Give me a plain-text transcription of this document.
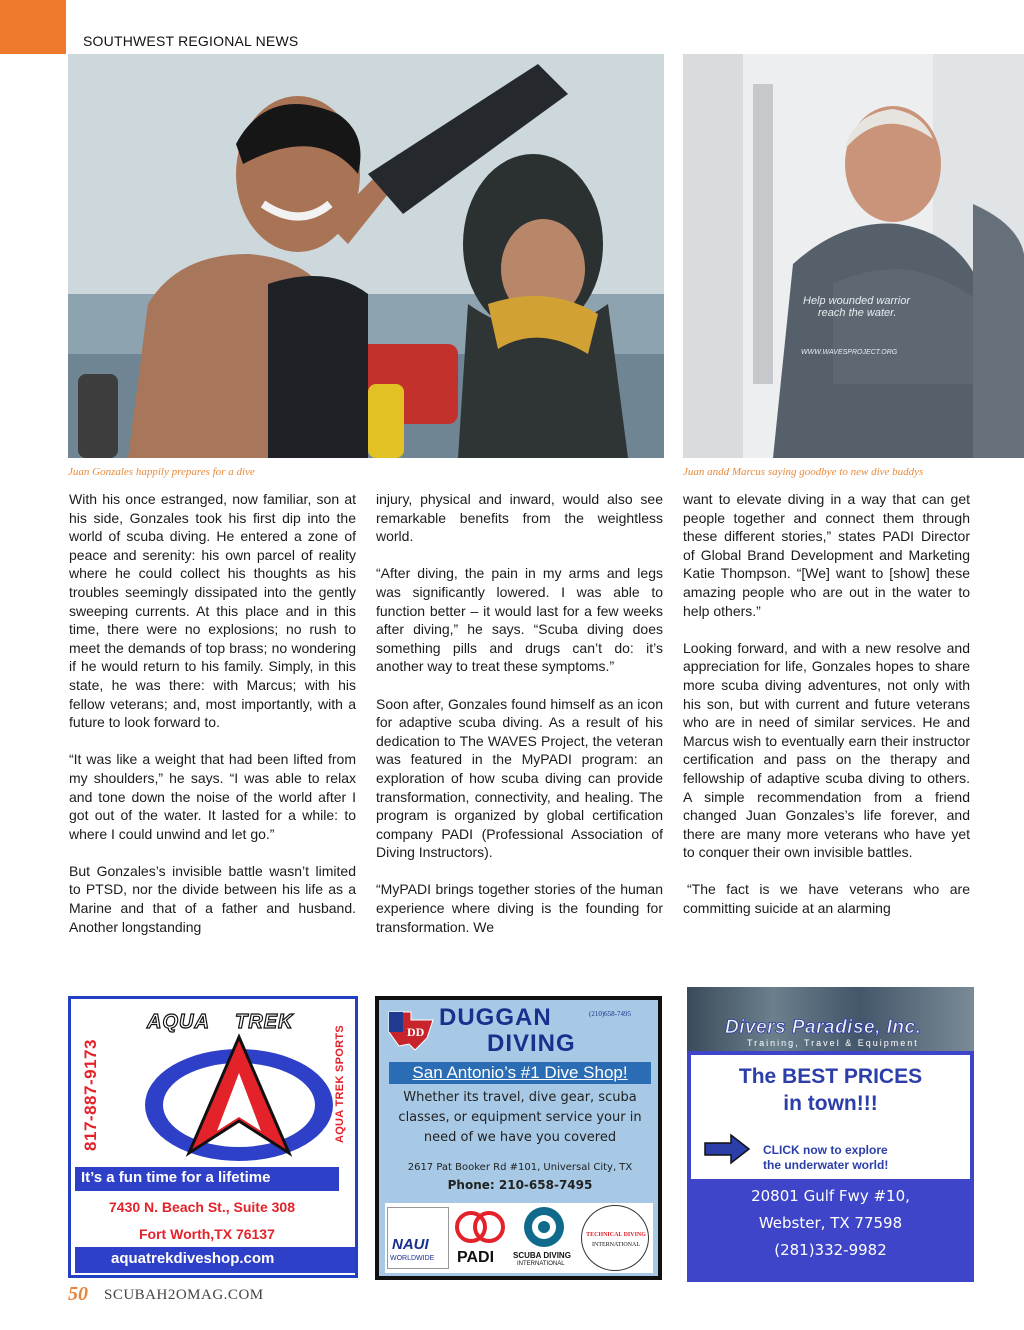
SOUTHWEST REGIONAL NEWS
Help wounded warrior
reach the water.
WWW.WAVESPROJECT.ORG
Juan Gonzales happily prepares for a dive	Juan andd Marcus saying goodbye to new dive buddys

With his once estranged, now familiar, son at his side, Gonzales took his first dip into the world of scuba diving. He entered a zone of peace and serenity: his own parcel of reality where he could collect his thoughts as his troubles seemingly dissipated into the gently sweeping currents. At this place and in this time, there were no explosions; no rush to meet the demands of top brass; no wondering if he would return to his family. Simply, in this state, he was there: with Marcus; with his fellow veterans; and, most importantly, with a future to look forward to.

“It was like a weight that had been lifted from my shoulders,” he says. “I was able to relax and tone down the noise of the world after I got out of the water. It lasted for a while: to where I could unwind and let go.”

But Gonzales’s invisible battle wasn’t limited to PTSD, nor the divide between his life as a Marine and that of a father and husband. Another longstanding

injury, physical and inward, would also see remarkable benefits from the weightless world.

“After diving, the pain in my arms and legs was significantly lowered. I was able to function better – it would last for a few weeks after diving,” he says. “Scuba diving does something pills and drugs can’t do: it’s another way to treat these symptoms.”

Soon after, Gonzales found himself as an icon for adaptive scuba diving. As a result of his dedication to The WAVES Project, the veteran was featured in the MyPADI program: an exploration of how scuba diving can provide transformation, connectivity, and healing. The program is organized by global certification company PADI (Professional Association of Diving Instructors).

“MyPADI brings together stories of the human experience where diving is the founding for transformation. We

want to elevate diving in a way that can get people together and connect them through these different stories,” states PADI Director of Global Brand Development and Marketing Katie Thompson. “[We] want to [show] these amazing people who are out in the water to help others.”

Looking forward, and with a new resolve and appreciation for life, Gonzales hopes to share more scuba diving adventures, not only with his son, but with current and future veterans who are in need of similar services. He and Marcus wish to eventually earn their instructor certification and pass on the therapy and fellowship of adaptive scuba diving to others. A simple recommendation from a friend changed Juan Gonzales’s life forever, and there are many more veterans who have yet to conquer their own invisible battles.

“The fact is we have veterans who are committing suicide at an alarming

817-887-9173	AQUA TREK SPORTS
AQUA TREK
It’s a fun time for a lifetime
7430 N. Beach St., Suite 308
Fort Worth,TX 76137
aquatrekdiveshop.com
DD
DUGGAN
DIVING
(210)658-7495
San Antonio’s #1 Dive Shop!
Whether its travel, dive gear, scuba classes, or equipment service your in need of we have you covered
2617 Pat Booker Rd #101, Universal City, TX
Phone: 210-658-7495
NAUI
WORLDWIDE PADI SCUBA DIVING
INTERNATIONAL
TECHNICAL DIVING
INTERNATIONAL
Divers Paradise, Inc.
Training, Travel & Equipment
The BEST PRICES
in town!!!
CLICK now to explore
the underwater world!
20801 Gulf Fwy #10,
Webster, TX 77598
(281)332-9982
50 SCUBAH2OMAG.COM
